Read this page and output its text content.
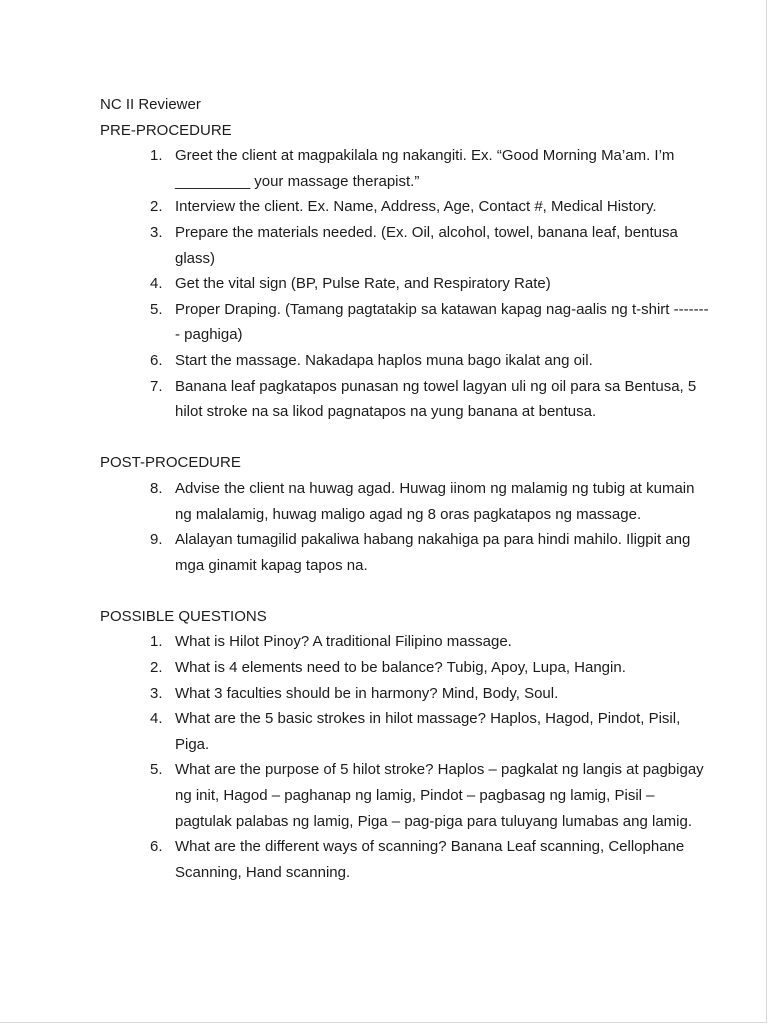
NC II Reviewer

PRE-PROCEDURE

1. Greet the client at magpakilala ng nakangiti. Ex. “Good Morning Ma’am. I’m _________ your massage therapist.”
2. Interview the client. Ex. Name, Address, Age, Contact #, Medical History.
3. Prepare the materials needed. (Ex. Oil, alcohol, towel, banana leaf, bentusa glass)
4. Get the vital sign (BP, Pulse Rate, and Respiratory Rate)
5. Proper Draping. (Tamang pagtatakip sa katawan kapag nag-aalis ng t-shirt -------- paghiga)
6. Start the massage. Nakadapa haplos muna bago ikalat ang oil.
7. Banana leaf pagkatapos punasan ng towel lagyan uli ng oil para sa Bentusa, 5 hilot stroke na sa likod pagnatapos na yung banana at bentusa.

POST-PROCEDURE

8. Advise the client na huwag agad. Huwag iinom ng malamig ng tubig at kumain ng malalamig, huwag maligo agad ng 8 oras pagkatapos ng massage.
9. Alalayan tumagilid pakaliwa habang nakahiga pa para hindi mahilo. Iligpit ang mga ginamit kapag tapos na.

POSSIBLE QUESTIONS

1. What is Hilot Pinoy? A traditional Filipino massage.
2. What is 4 elements need to be balance? Tubig, Apoy, Lupa, Hangin.
3. What 3 faculties should be in harmony? Mind, Body, Soul.
4. What are the 5 basic strokes in hilot massage? Haplos, Hagod, Pindot, Pisil, Piga.
5. What are the purpose of 5 hilot stroke? Haplos – pagkalat ng langis at pagbigay ng init, Hagod – paghanap ng lamig, Pindot – pagbasag ng lamig, Pisil – pagtulak palabas ng lamig, Piga – pag-piga para tuluyang lumabas ang lamig.
6. What are the different ways of scanning? Banana Leaf scanning, Cellophane Scanning, Hand scanning.
